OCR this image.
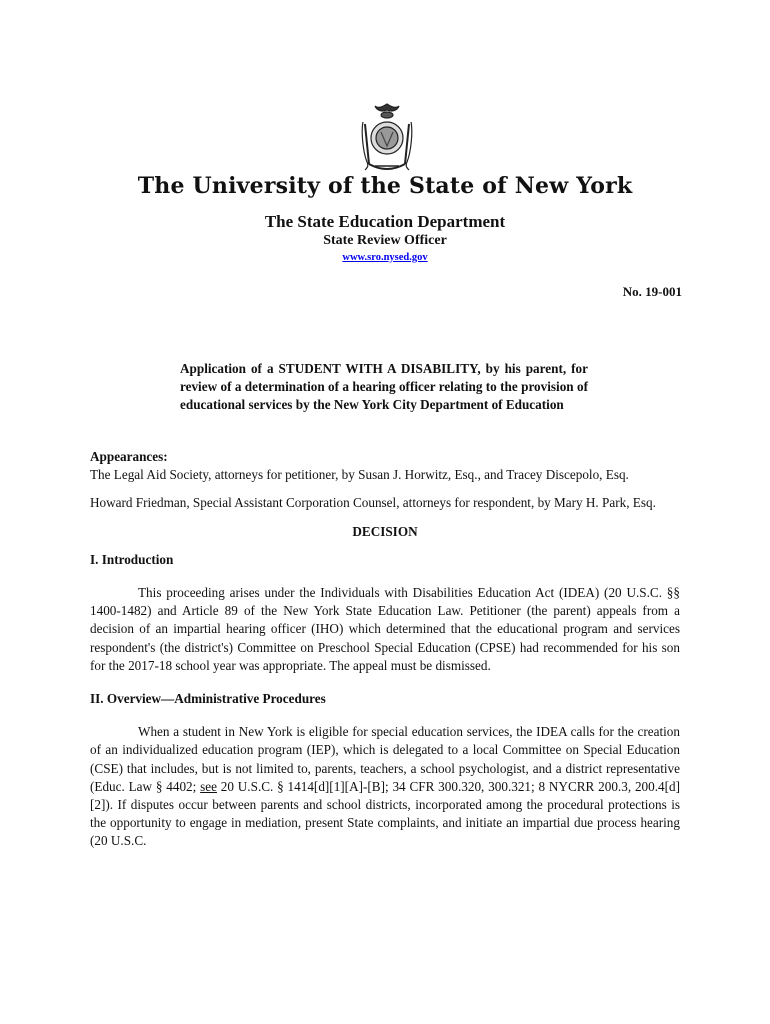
The University of the State of New York
The State Education Department
State Review Officer
www.sro.nysed.gov
No. 19-001
Application of a STUDENT WITH A DISABILITY, by his parent, for review of a determination of a hearing officer relating to the provision of educational services by the New York City Department of Education

Appearances:

The Legal Aid Society, attorneys for petitioner, by Susan J. Horwitz, Esq., and Tracey Discepolo, Esq.

Howard Friedman, Special Assistant Corporation Counsel, attorneys for respondent, by Mary H. Park, Esq.

DECISION

I. Introduction

This proceeding arises under the Individuals with Disabilities Education Act (IDEA) (20 U.S.C. §§ 1400-1482) and Article 89 of the New York State Education Law. Petitioner (the parent) appeals from a decision of an impartial hearing officer (IHO) which determined that the educational program and services respondent's (the district's) Committee on Preschool Special Education (CPSE) had recommended for his son for the 2017-18 school year was appropriate. The appeal must be dismissed.

II. Overview—Administrative Procedures

When a student in New York is eligible for special education services, the IDEA calls for the creation of an individualized education program (IEP), which is delegated to a local Committee on Special Education (CSE) that includes, but is not limited to, parents, teachers, a school psychologist, and a district representative (Educ. Law § 4402; see 20 U.S.C. § 1414[d][1][A]-[B]; 34 CFR 300.320, 300.321; 8 NYCRR 200.3, 200.4[d][2]). If disputes occur between parents and school districts, incorporated among the procedural protections is the opportunity to engage in mediation, present State complaints, and initiate an impartial due process hearing (20 U.S.C.
